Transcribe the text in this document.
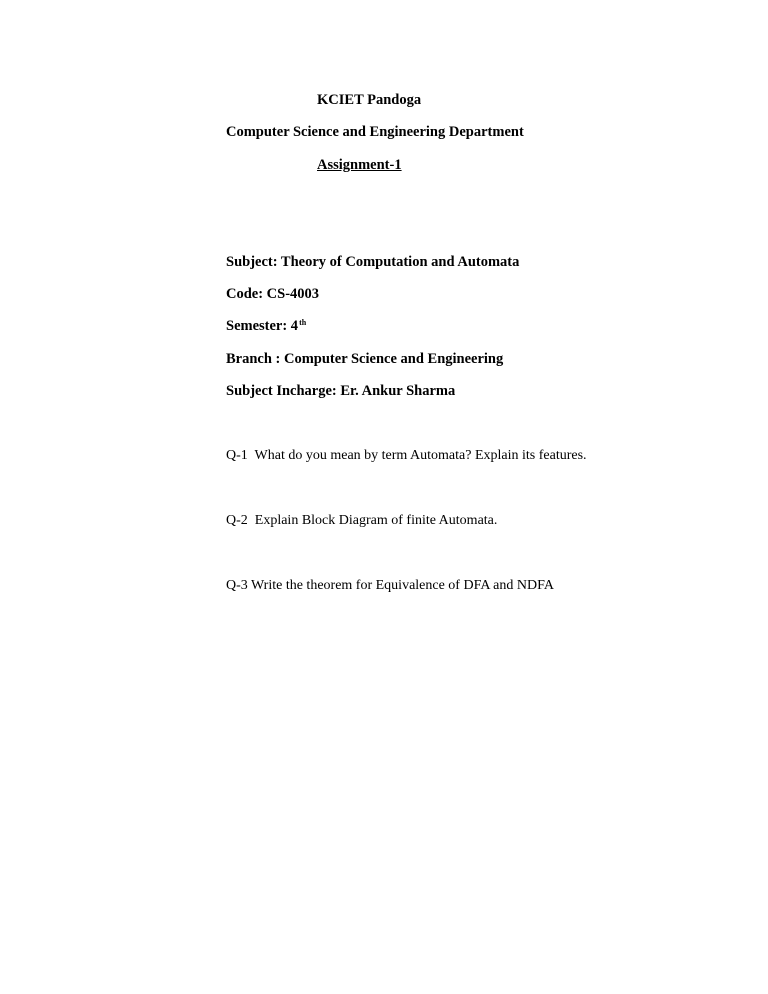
KCIET Pandoga
Computer Science and Engineering Department
Assignment-1
Subject: Theory of Computation and Automata
Code: CS-4003
Semester: 4th
Branch : Computer Science and Engineering
Subject Incharge: Er. Ankur Sharma
Q-1  What do you mean by term Automata? Explain its features.
Q-2  Explain Block Diagram of finite Automata.
Q-3 Write the theorem for Equivalence of DFA and NDFA
